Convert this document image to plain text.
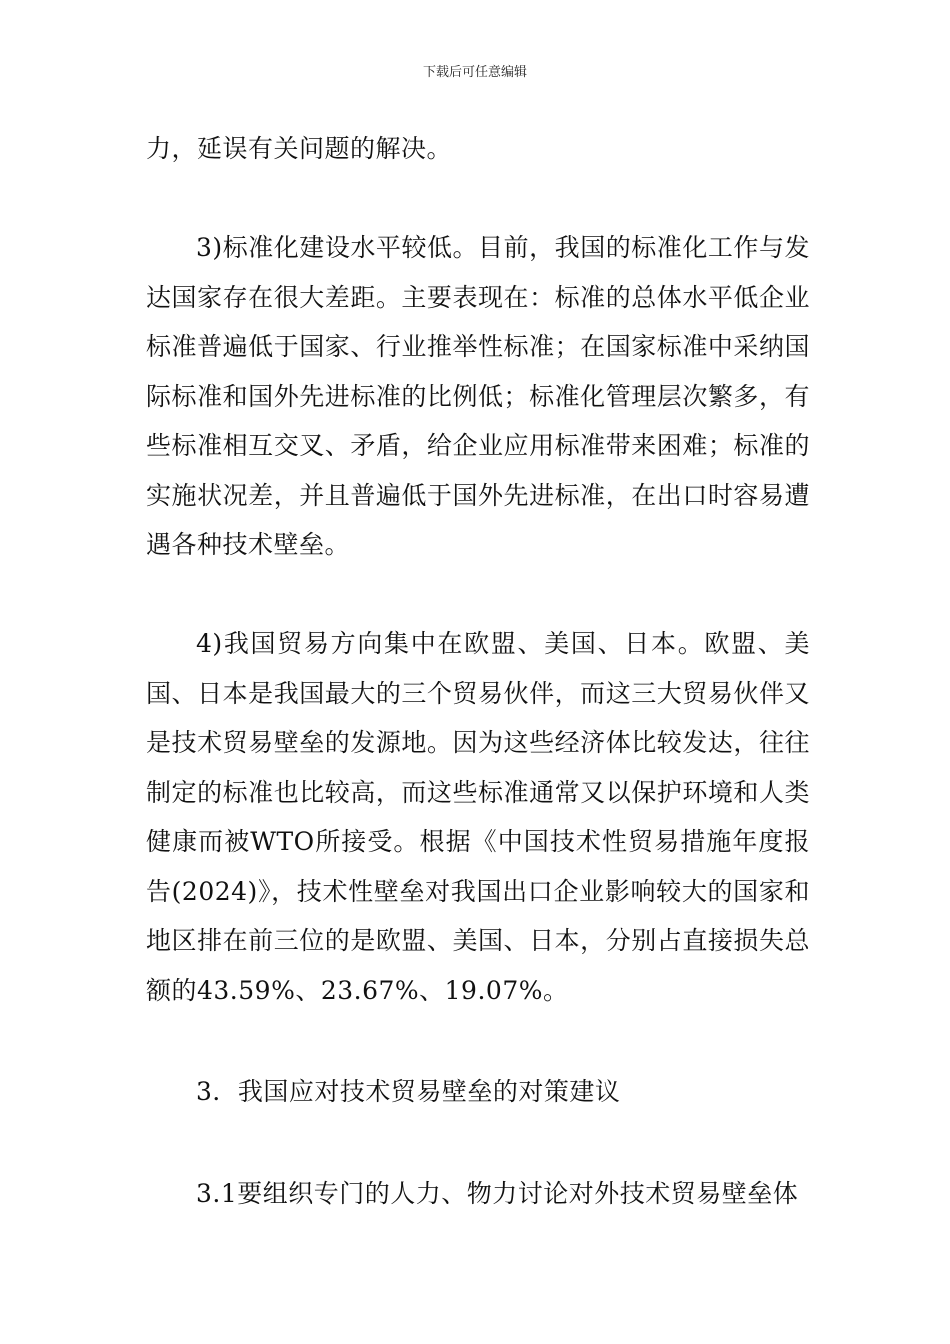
下载后可任意编辑

力，延误有关问题的解决。

3)标准化建设水平较低。目前，我国的标准化工作与发达国家存在很大差距。主要表现在：标准的总体水平低企业标准普遍低于国家、行业推举性标准；在国家标准中采纳国际标准和国外先进标准的比例低；标准化管理层次繁多，有些标准相互交叉、矛盾，给企业应用标准带来困难；标准的实施状况差，并且普遍低于国外先进标准，在出口时容易遭遇各种技术壁垒。

4)我国贸易方向集中在欧盟、美国、日本。欧盟、美国、日本是我国最大的三个贸易伙伴，而这三大贸易伙伴又是技术贸易壁垒的发源地。因为这些经济体比较发达，往往制定的标准也比较高，而这些标准通常又以保护环境和人类健康而被WTO所接受。根据《中国技术性贸易措施年度报告(2024)》，技术性壁垒对我国出口企业影响较大的国家和地区排在前三位的是欧盟、美国、日本，分别占直接损失总额的43.59%、23.67%、19.07%。

3．我国应对技术贸易壁垒的对策建议

3.1要组织专门的人力、物力讨论对外技术贸易壁垒体
